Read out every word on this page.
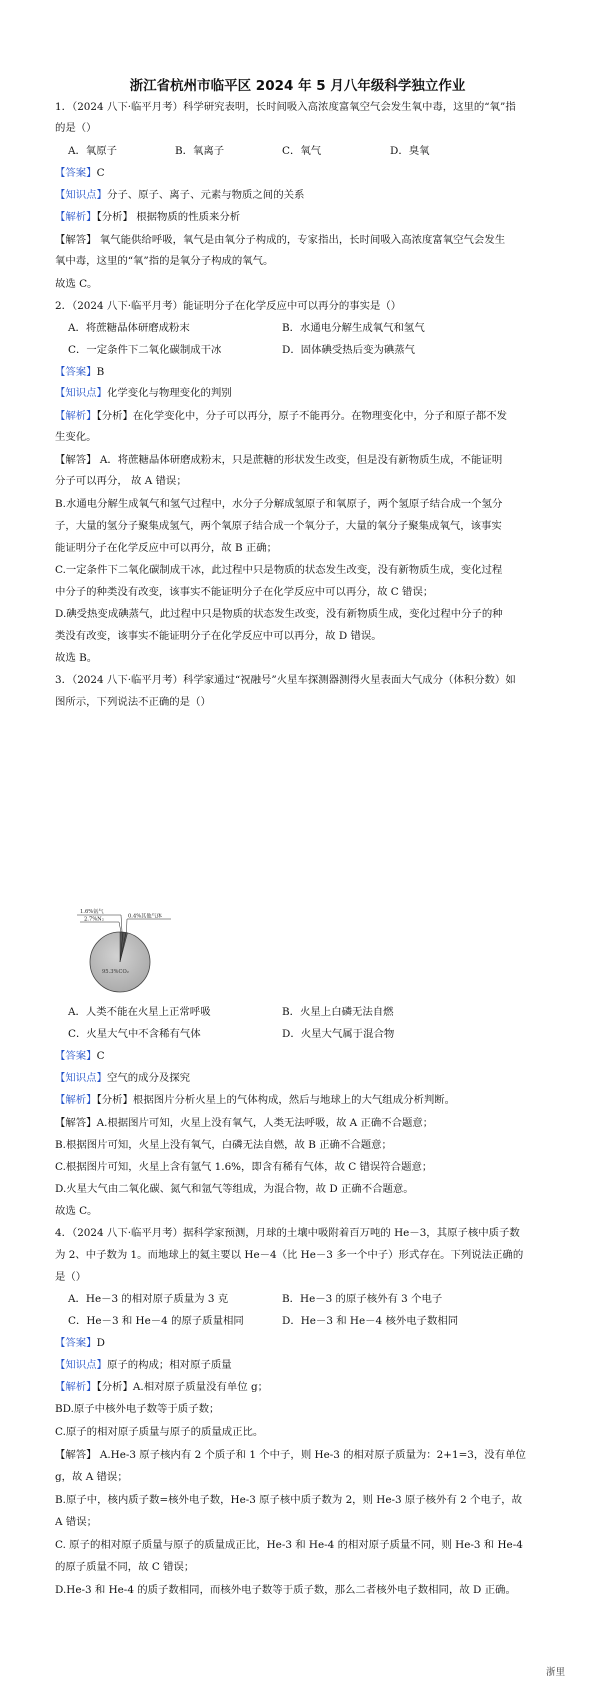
浙江省杭州市临平区 2024 年 5 月八年级科学独立作业
1．（2024 八下·临平月考）科学研究表明，长时间吸入高浓度富氧空气会发生氧中毒，这里的“氧”指
的是（）
A．氧原子	B．氧离子	C．氧气	D．臭氧
【答案】C
【知识点】分子、原子、离子、元素与物质之间的关系
【解析】【分析】 根据物质的性质来分析
【解答】 氧气能供给呼吸，氧气是由氧分子构成的，专家指出，长时间吸入高浓度富氧空气会发生
氧中毒，这里的“氧”指的是氧分子构成的氧气。
故选 C。
2．（2024 八下·临平月考）能证明分子在化学反应中可以再分的事实是（）
A．将蔗糖晶体研磨成粉末	B．水通电分解生成氧气和氢气
C．一定条件下二氧化碳制成干冰	D．固体碘受热后变为碘蒸气
【答案】B
【知识点】化学变化与物理变化的判别
【解析】【分析】在化学变化中，分子可以再分，原子不能再分。在物理变化中，分子和原子都不发
生变化。
【解答】 A．将蔗糖晶体研磨成粉末，只是蔗糖的形状发生改变，但是没有新物质生成，不能证明
分子可以再分， 故 A 错误；
B.水通电分解生成氧气和氢气过程中，水分子分解成氢原子和氧原子，两个氢原子结合成一个氢分
子，大量的氢分子聚集成氢气，两个氧原子结合成一个氧分子，大量的氧分子聚集成氧气，该事实
能证明分子在化学反应中可以再分，故 B 正确；
C.一定条件下二氧化碳制成干冰，此过程中只是物质的状态发生改变，没有新物质生成，变化过程
中分子的种类没有改变，该事实不能证明分子在化学反应中可以再分，故 C 错误；
D.碘受热变成碘蒸气，此过程中只是物质的状态发生改变，没有新物质生成，变化过程中分子的种
类没有改变，该事实不能证明分子在化学反应中可以再分，故 D 错误。
故选 B。
3．（2024 八下·临平月考）科学家通过“祝融号”火星车探测器测得火星表面大气成分（体积分数）如
图所示，下列说法不正确的是（）
1.6%氩气
2.7%N₂	0.4%其他气体
95.3%CO₂
A．人类不能在火星上正常呼吸	B．火星上白磷无法自燃
C．火星大气中不含稀有气体	D．火星大气属于混合物
【答案】C
【知识点】空气的成分及探究
【解析】【分析】根据图片分析火星上的气体构成，然后与地球上的大气组成分析判断。
【解答】A.根据图片可知，火星上没有氧气，人类无法呼吸，故 A 正确不合题意；
B.根据图片可知，火星上没有氧气，白磷无法自燃，故 B 正确不合题意；
C.根据图片可知，火星上含有氩气 1.6%，即含有稀有气体，故 C 错误符合题意；
D.火星大气由二氧化碳、氮气和氩气等组成，为混合物，故 D 正确不合题意。
故选 C。
4．（2024 八下·临平月考）据科学家预测，月球的土壤中吸附着百万吨的 He－3，其原子核中质子数
为 2、中子数为 1。而地球上的氦主要以 He－4（比 He－3 多一个中子）形式存在。下列说法正确的
是（）
A．He－3 的相对原子质量为 3 克	B．He－3 的原子核外有 3 个电子
C．He－3 和 He－4 的原子质量相同	D．He－3 和 He－4 核外电子数相同
【答案】D
【知识点】原子的构成；相对原子质量
【解析】【分析】A.相对原子质量没有单位 g；
BD.原子中核外电子数等于质子数；
C.原子的相对原子质量与原子的质量成正比。
【解答】 A.He-3 原子核内有 2 个质子和 1 个中子，则 He-3 的相对原子质量为：2+1=3，没有单位
g，故 A 错误；
B.原子中，核内质子数=核外电子数，He-3 原子核中质子数为 2，则 He-3 原子核外有 2 个电子，故
A 错误；
C. 原子的相对原子质量与原子的质量成正比，He-3 和 He-4 的相对原子质量不同，则 He-3 和 He-4
的原子质量不同，故 C 错误；
D.He-3 和 He-4 的质子数相同，而核外电子数等于质子数，那么二者核外电子数相同，故 D 正确。
浙里
